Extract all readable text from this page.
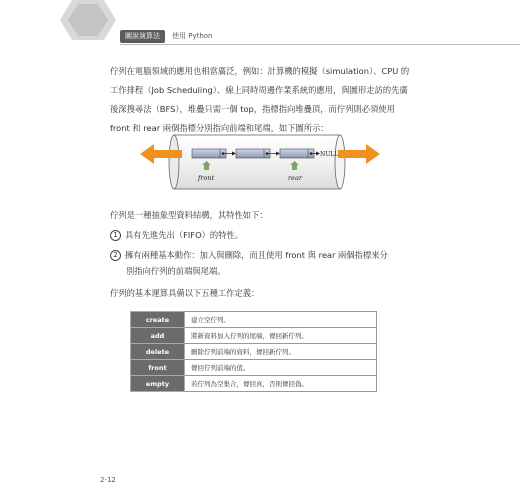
圖說演算法	使用 Python

佇列在電腦領域的應用也相當廣泛，例如：計算機的模擬（simulation）、CPU 的工作排程（Job Scheduling）、線上同時周邊作業系統的應用，與圖形走訪的先廣後深搜尋法（BFS），堆疊只需一個 top，指標指向堆疊頂，而佇列則必須使用 front 和 rear 兩個指標分別指向前端和尾端，如下圖所示：

NULL
front	rear

佇列是一種抽象型資料結構，其特性如下：

1 具有先進先出（FIFO）的特性。
2 擁有兩種基本動作：加入與刪除，而且使用 front 與 rear 兩個指標來分
別指向佇列的前端與尾端。

佇列的基本運算具備以下五種工作定義：

create	建立空佇列。
add	將新資料加入佇列的尾端，傳回新佇列。
delete	刪除佇列前端的資料，傳回新佇列。
front	傳回佇列前端的值。
empty	若佇列為空集合，傳回真，否則傳回偽。
2-12
